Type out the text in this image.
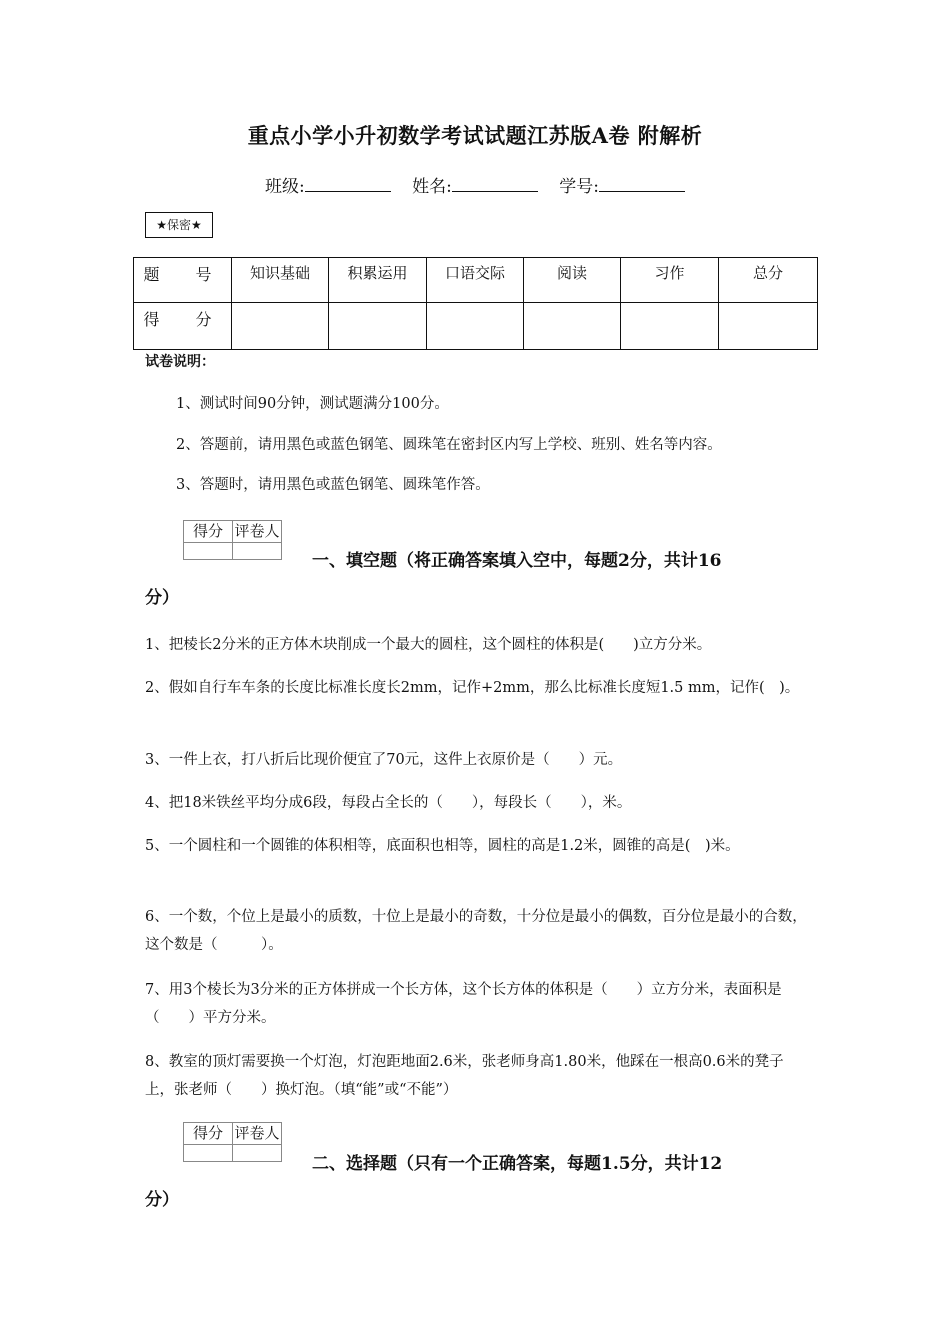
重点小学小升初数学考试试题江苏版A卷 附解析
班级:	姓名:	学号:
★保密★
题　号	知识基础	积累运用	口语交际	阅读	习作	总分
得　分						
试卷说明：
1、测试时间90分钟，测试题满分100分。
2、答题前，请用黑色或蓝色钢笔、圆珠笔在密封区内写上学校、班别、姓名等内容。
3、答题时，请用黑色或蓝色钢笔、圆珠笔作答。
得分	评卷人

一、填空题（将正确答案填入空中，每题2分，共计16
分）
1、把棱长2分米的正方体木块削成一个最大的圆柱，这个圆柱的体积是(　　)立方分米。
2、假如自行车车条的长度比标准长度长2mm，记作+2mm，那么比标准长度短1.5 mm，记作(　)。
3、一件上衣，打八折后比现价便宜了70元，这件上衣原价是（　　）元。
4、把18米铁丝平均分成6段，每段占全长的（　　），每段长（　　），米。
5、一个圆柱和一个圆锥的体积相等，底面积也相等，圆柱的高是1.2米，圆锥的高是(　)米。
6、一个数，个位上是最小的质数，十位上是最小的奇数，十分位是最小的偶数，百分位是最小的合数，这个数是（　　　）。
7、用3个棱长为3分米的正方体拼成一个长方体，这个长方体的体积是（　　）立方分米，表面积是（　　）平方分米。
8、教室的顶灯需要换一个灯泡，灯泡距地面2.6米，张老师身高1.80米，他踩在一根高0.6米的凳子上，张老师（　　）换灯泡。（填“能”或“不能”）
得分	评卷人

二、选择题（只有一个正确答案，每题1.5分，共计12
分）
